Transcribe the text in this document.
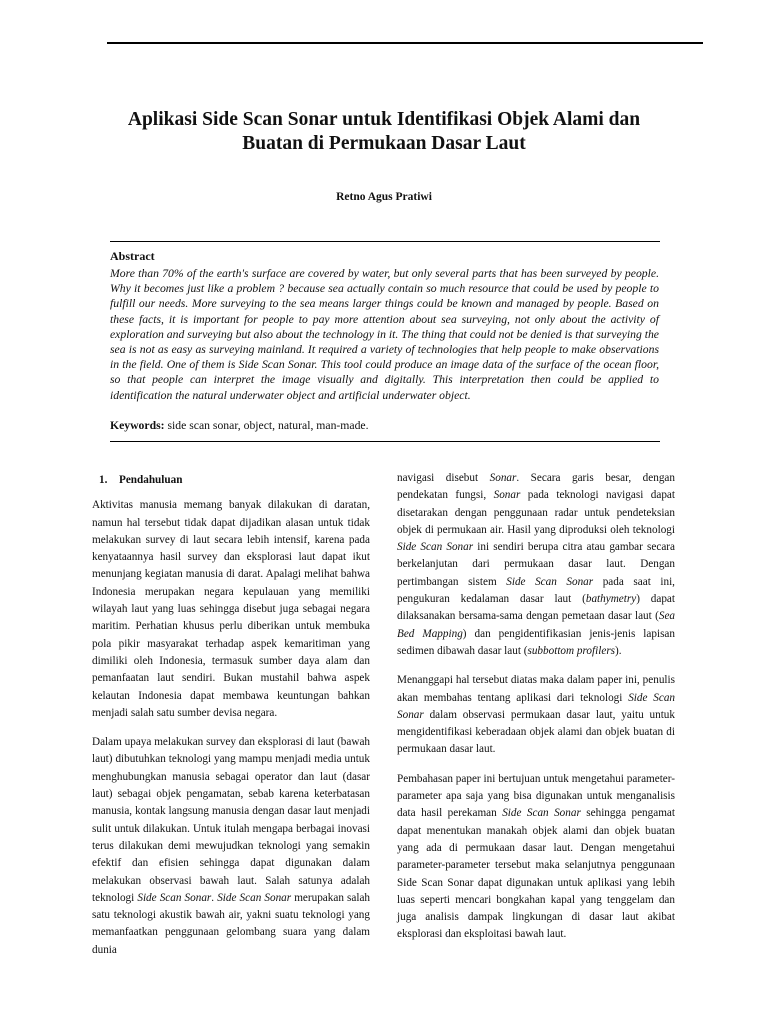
Aplikasi Side Scan Sonar untuk Identifikasi Objek Alami dan Buatan di Permukaan Dasar Laut
Retno Agus Pratiwi
Abstract
More than 70% of the earth's surface are covered by water, but only several parts that has been surveyed by people. Why it becomes just like a problem ? because sea actually contain so much resource that could be used by people to fulfill our needs. More surveying to the sea means larger things could be known and managed by people. Based on these facts, it is important for people to pay more attention about sea surveying, not only about the activity of exploration and surveying but also about the technology in it. The thing that could not be denied is that surveying the sea is not as easy as surveying mainland. It required a variety of technologies that help people to make observations in the field. One of them is Side Scan Sonar. This tool could produce an image data of the surface of the ocean floor, so that people can interpret the image visually and digitally. This interpretation then could be applied to identification the natural underwater object and artificial underwater object.
Keywords: side scan sonar, object, natural, man-made.
1.	Pendahuluan

Aktivitas manusia memang banyak dilakukan di daratan, namun hal tersebut tidak dapat dijadikan alasan untuk tidak melakukan survey di laut secara lebih intensif, karena pada kenyataannya hasil survey dan eksplorasi laut dapat ikut menunjang kegiatan manusia di darat. Apalagi melihat bahwa Indonesia merupakan negara kepulauan yang memiliki wilayah laut yang luas sehingga disebut juga sebagai negara maritim. Perhatian khusus perlu diberikan untuk membuka pola pikir masyarakat terhadap aspek kemaritiman yang dimiliki oleh Indonesia, termasuk sumber daya alam dan pemanfaatan laut sendiri. Bukan mustahil bahwa aspek kelautan Indonesia dapat membawa keuntungan bahkan menjadi salah satu sumber devisa negara.

Dalam upaya melakukan survey dan eksplorasi di laut (bawah laut) dibutuhkan teknologi yang mampu menjadi media untuk menghubungkan manusia sebagai operator dan laut (dasar laut) sebagai objek pengamatan, sebab karena keterbatasan manusia, kontak langsung manusia dengan dasar laut menjadi sulit untuk dilakukan. Untuk itulah mengapa berbagai inovasi terus dilakukan demi mewujudkan teknologi yang semakin efektif dan efisien sehingga dapat digunakan dalam melakukan observasi bawah laut. Salah satunya adalah teknologi Side Scan Sonar. Side Scan Sonar merupakan salah satu teknologi akustik bawah air, yakni suatu teknologi yang memanfaatkan penggunaan gelombang suara yang dalam dunia

navigasi disebut Sonar. Secara garis besar, dengan pendekatan fungsi, Sonar pada teknologi navigasi dapat disetarakan dengan penggunaan radar untuk pendeteksian objek di permukaan air. Hasil yang diproduksi oleh teknologi Side Scan Sonar ini sendiri berupa citra atau gambar secara berkelanjutan dari permukaan dasar laut. Dengan pertimbangan sistem Side Scan Sonar pada saat ini, pengukuran kedalaman dasar laut (bathymetry) dapat dilaksanakan bersama-sama dengan pemetaan dasar laut (Sea Bed Mapping) dan pengidentifikasian jenis-jenis lapisan sedimen dibawah dasar laut (subbottom profilers).

Menanggapi hal tersebut diatas maka dalam paper ini, penulis akan membahas tentang aplikasi dari teknologi Side Scan Sonar dalam observasi permukaan dasar laut, yaitu untuk mengidentifikasi keberadaan objek alami dan objek buatan di permukaan dasar laut.

Pembahasan paper ini bertujuan untuk mengetahui parameter-parameter apa saja yang bisa digunakan untuk menganalisis data hasil perekaman Side Scan Sonar sehingga pengamat dapat menentukan manakah objek alami dan objek buatan yang ada di permukaan dasar laut. Dengan mengetahui parameter-parameter tersebut maka selanjutnya penggunaan Side Scan Sonar dapat digunakan untuk aplikasi yang lebih luas seperti mencari bongkahan kapal yang tenggelam dan juga analisis dampak lingkungan di dasar laut akibat eksplorasi dan eksploitasi bawah laut.
